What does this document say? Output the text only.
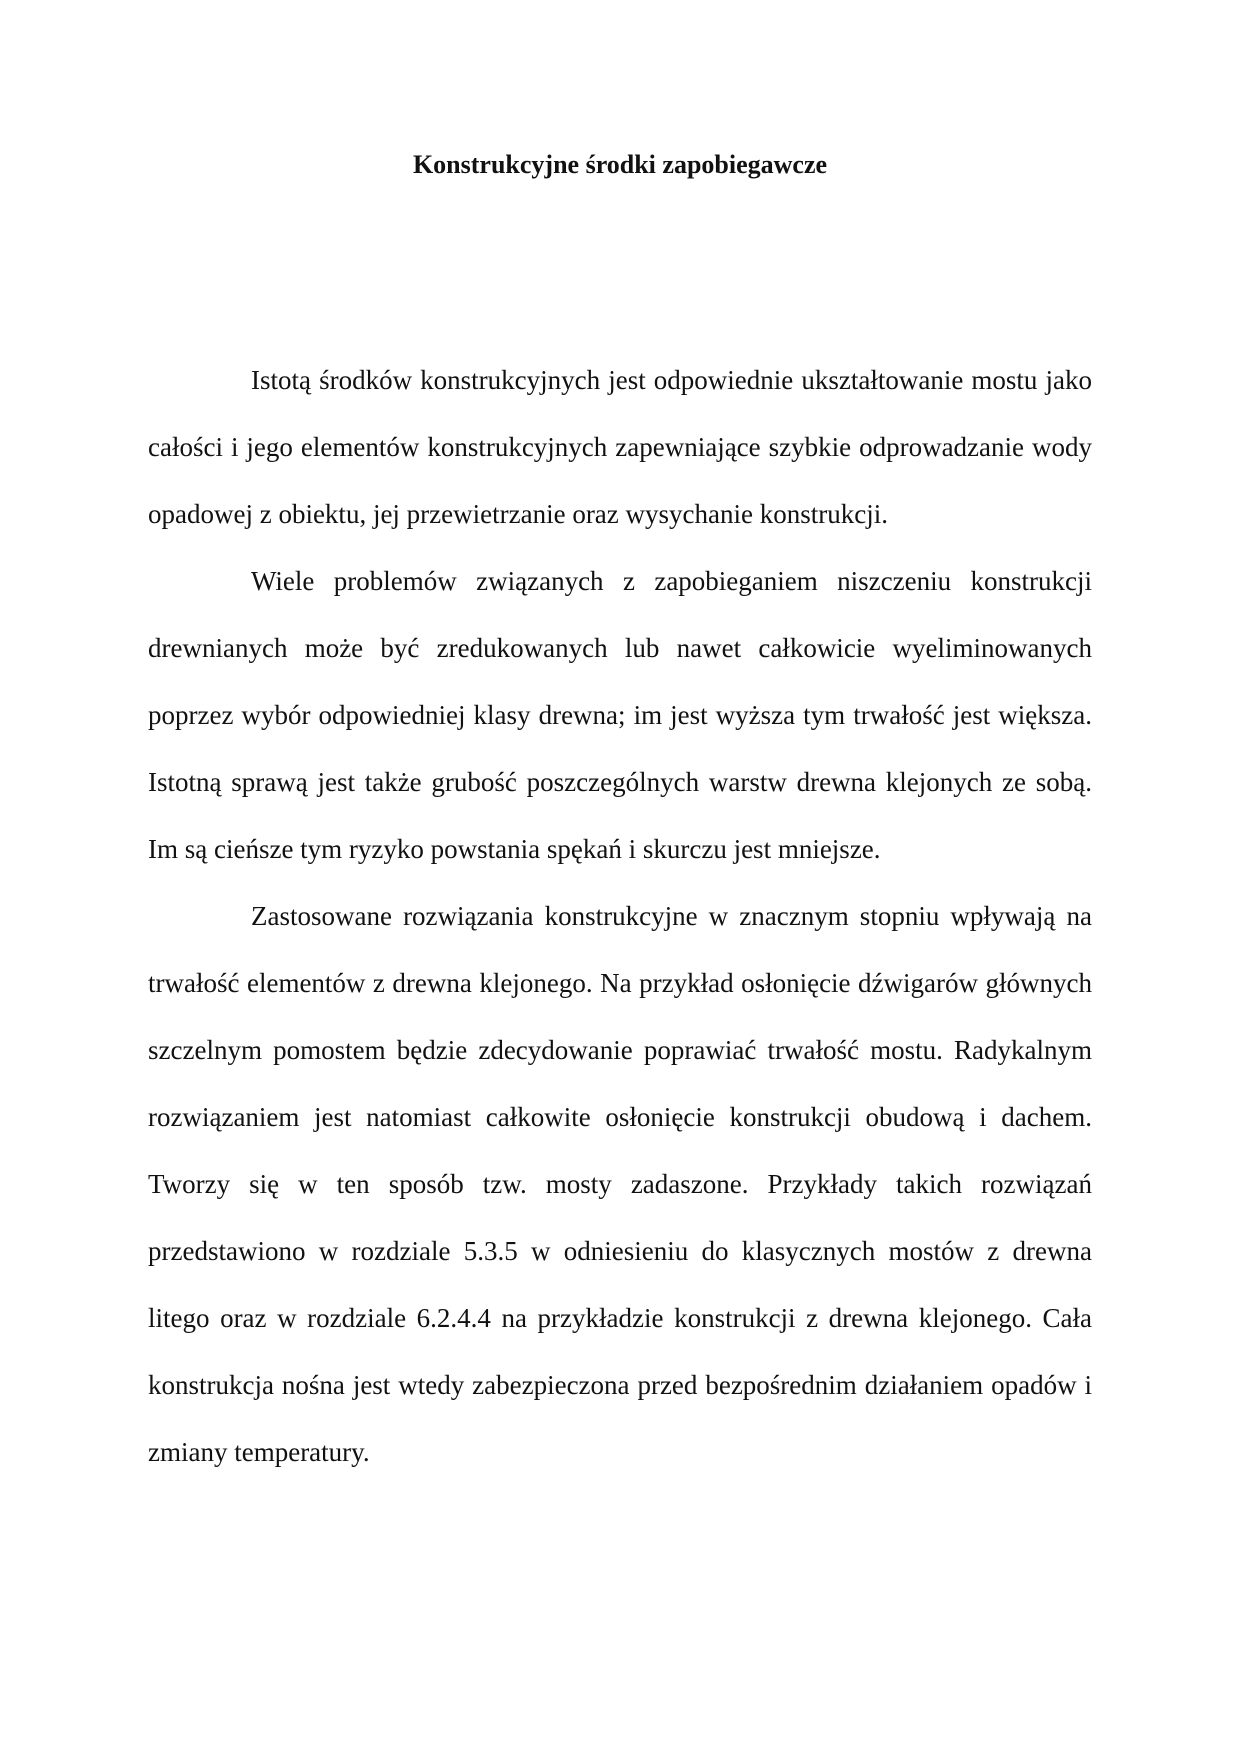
Konstrukcyjne środki zapobiegawcze

Istotą środków konstrukcyjnych jest odpowiednie ukształtowanie mostu jako całości i jego elementów konstrukcyjnych zapewniające szybkie odprowadzanie wody opadowej z obiektu, jej przewietrzanie oraz wysychanie konstrukcji.

Wiele problemów związanych z zapobieganiem niszczeniu konstrukcji drewnianych może być zredukowanych lub nawet całkowicie wyeliminowanych poprzez wybór odpowiedniej klasy drewna; im jest wyższa tym trwałość jest większa. Istotną sprawą jest także grubość poszczególnych warstw drewna klejonych ze sobą. Im są cieńsze tym ryzyko powstania spękań i skurczu jest mniejsze.

Zastosowane rozwiązania konstrukcyjne w znacznym stopniu wpływają na trwałość elementów z drewna klejonego. Na przykład osłonięcie dźwigarów głównych szczelnym pomostem będzie zdecydowanie poprawiać trwałość mostu. Radykalnym rozwiązaniem jest natomiast całkowite osłonięcie konstrukcji obudową i dachem. Tworzy się w ten sposób tzw. mosty zadaszone. Przykłady takich rozwiązań przedstawiono w rozdziale 5.3.5 w odniesieniu do klasycznych mostów z drewna litego oraz w rozdziale 6.2.4.4 na przykładzie konstrukcji z drewna klejonego. Cała konstrukcja nośna jest wtedy zabezpieczona przed bezpośrednim działaniem opadów i zmiany temperatury.
